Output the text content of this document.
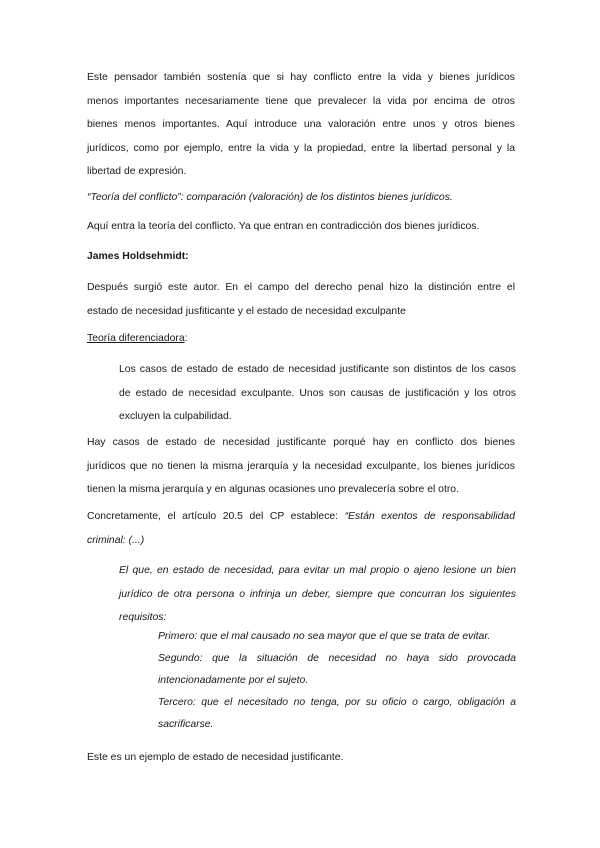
Este pensador también sostenía que si hay conflicto entre la vida y bienes jurídicos
menos importantes necesariamente tiene que prevalecer la vida por encima de otros
bienes menos importantes. Aquí introduce una valoración entre unos y otros bienes
jurídicos, como por ejemplo, entre la vida y la propiedad, entre la libertad personal y la
libertad de expresión.
“Teoría del conflicto”: comparación (valoración) de los distintos bienes jurídicos.
Aquí entra la teoría del conflicto. Ya que entran en contradicción dos bienes jurídicos.
James Holdsehmidt:
Después surgió este autor. En el campo del derecho penal hizo la distinción entre el
estado de necesidad jusfiticante y el estado de necesidad exculpante
Teoría diferenciadora:
Los casos de estado de estado de necesidad justificante son distintos de los casos
de estado de necesidad exculpante. Unos son causas de justificación y los otros
excluyen la culpabilidad.
Hay casos de estado de necesidad justificante porqué hay en conflicto dos bienes
jurídicos que no tienen la misma jerarquía y la necesidad exculpante, los bienes jurídicos
tienen la misma jerarquía y en algunas ocasiones uno prevalecería sobre el otro.
Concretamente, el artículo 20.5 del CP establece: “Están exentos de responsabilidad
criminal: (...)
El que, en estado de necesidad, para evitar un mal propio o ajeno lesione un bien
jurídico de otra persona o infrinja un deber, siempre que concurran los siguientes
requisitos:
Primero: que el mal causado no sea mayor que el que se trata de evitar.
Segundo: que la situación de necesidad no haya sido provocada
intencionadamente por el sujeto.
Tercero: que el necesitado no tenga, por su oficio o cargo, obligación a
sacrificarse.
Este es un ejemplo de estado de necesidad justificante.
